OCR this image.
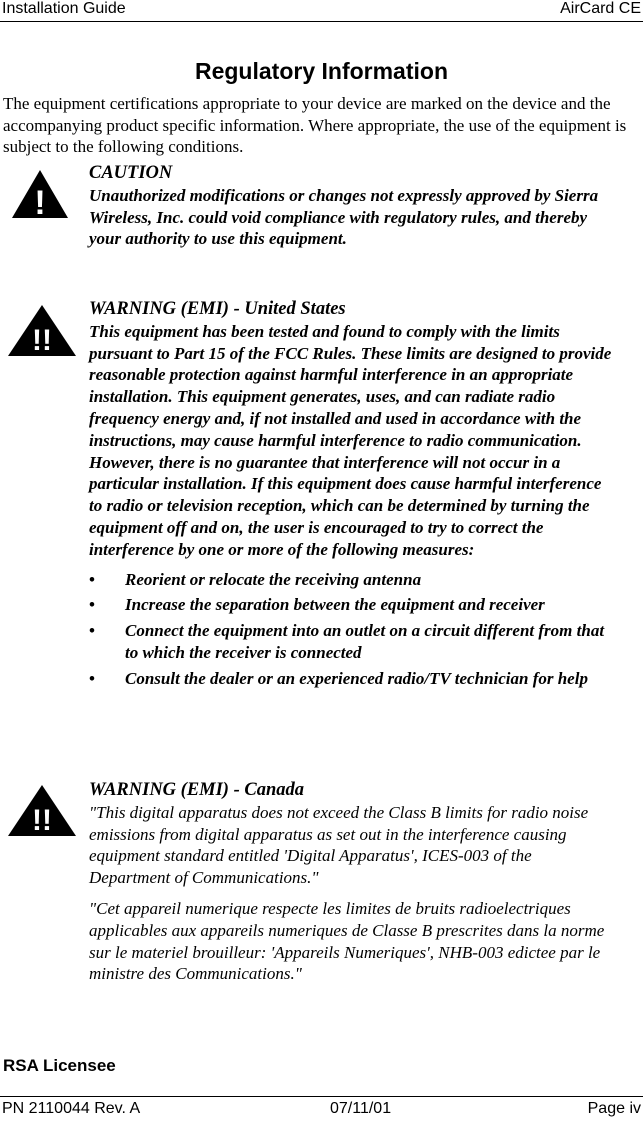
Installation Guide	AirCard CE
Regulatory Information
The equipment certifications appropriate to your device are marked on the device and the accompanying product specific information. Where appropriate, the use of the equipment is subject to the following conditions.
!
CAUTION
Unauthorized modifications or changes not expressly approved by Sierra Wireless, Inc. could void compliance with regulatory rules, and thereby your authority to use this equipment.
!!
WARNING (EMI) - United States
This equipment has been tested and found to comply with the limits pursuant to Part 15 of the FCC Rules. These limits are designed to provide reasonable protection against harmful interference in an appropriate installation. This equipment generates, uses, and can radiate radio frequency energy and, if not installed and used in accordance with the instructions, may cause harmful interference to radio communication. However, there is no guarantee that interference will not occur in a particular installation. If this equipment does cause harmful interference to radio or television reception, which can be determined by turning the equipment off and on, the user is encouraged to try to correct the interference by one or more of the following measures:
• Reorient or relocate the receiving antenna
• Increase the separation between the equipment and receiver
• Connect the equipment into an outlet on a circuit different from that to which the receiver is connected
• Consult the dealer or an experienced radio/TV technician for help
!!
WARNING (EMI) - Canada
"This digital apparatus does not exceed the Class B limits for radio noise emissions from digital apparatus as set out in the interference causing equipment standard entitled 'Digital Apparatus', ICES-003 of the Department of Communications."
"Cet appareil numerique respecte les limites de bruits radioelectriques applicables aux appareils numeriques de Classe B prescrites dans la norme sur le materiel brouilleur: 'Appareils Numeriques', NHB-003 edictee par le ministre des Communications."
RSA Licensee
PN 2110044 Rev. A	07/11/01	Page iv
